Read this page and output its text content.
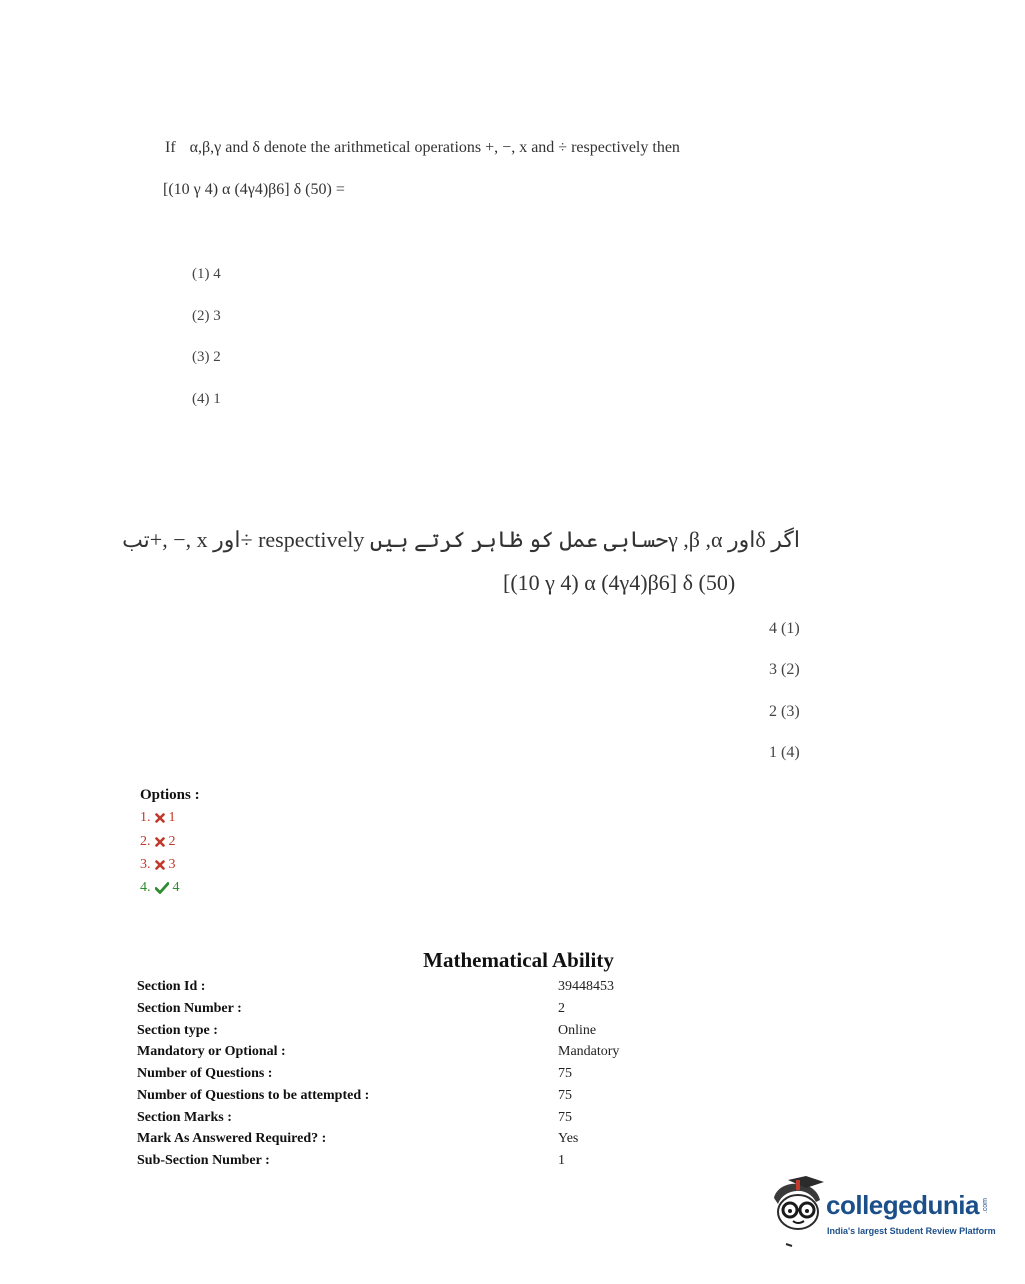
If α,β,γ and δ denote the arithmetical operations +, −, x and ÷ respectively then
[(10 γ 4) α (4γ4)β6] δ (50) =
(1) 4
(2) 3
(3) 2
(4) 1
اگر δاور γ ,β ,αحسابی عمل کو ظاہر کرتے ہیں respectively ÷اور x ,− ,+تب
[(10 γ 4) α (4γ4)β6] δ (50)
4 (1)
3 (2)
2 (3)
1 (4)
Options :
1. 1
2. 2
3. 3
4. 4
Mathematical Ability
Section Id :	39448453
Section Number :	2
Section type :	Online
Mandatory or Optional :	Mandatory
Number of Questions :	75
Number of Questions to be attempted :	75
Section Marks :	75
Mark As Answered Required? :	Yes
Sub-Section Number :	1
collegedunia .com
India's largest Student Review Platform
